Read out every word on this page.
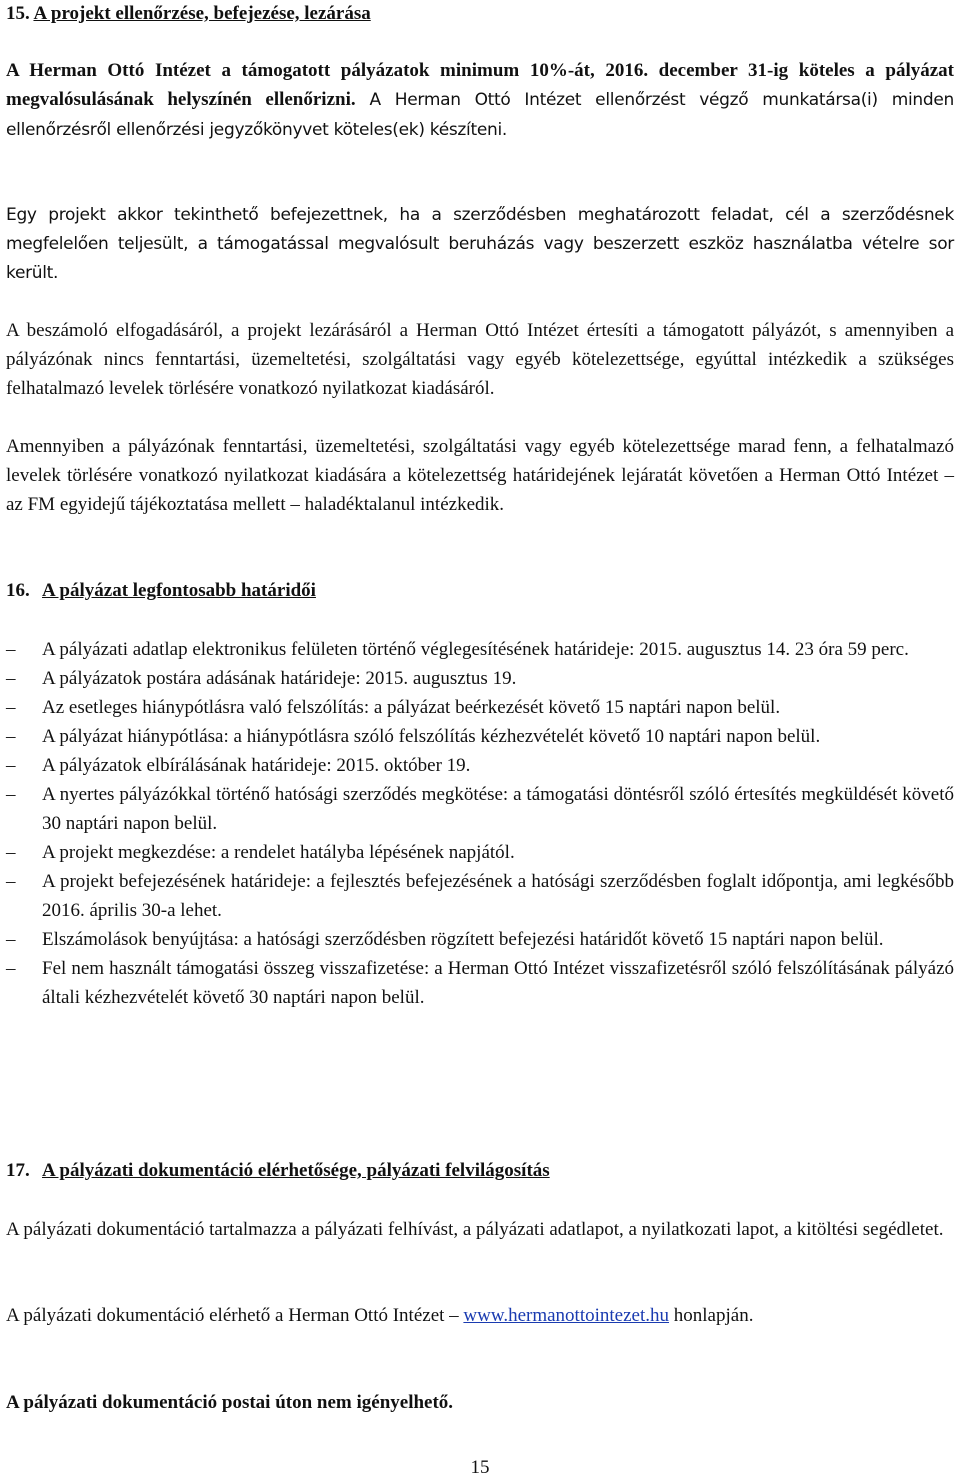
15. A projekt ellenőrzése, befejezése, lezárása

A Herman Ottó Intézet a támogatott pályázatok minimum 10%-át, 2016. december 31-ig köteles a pályázat megvalósulásának helyszínén ellenőrizni. A Herman Ottó Intézet ellenőrzést végző munkatársa(i) minden ellenőrzésről ellenőrzési jegyzőkönyvet köteles(ek) készíteni.

Egy projekt akkor tekinthető befejezettnek, ha a szerződésben meghatározott feladat, cél a szerződésnek megfelelően teljesült, a támogatással megvalósult beruházás vagy beszerzett eszköz használatba vételre sor került.

A beszámoló elfogadásáról, a projekt lezárásáról a Herman Ottó Intézet értesíti a támogatott pályázót, s amennyiben a pályázónak nincs fenntartási, üzemeltetési, szolgáltatási vagy egyéb kötelezettsége, egyúttal intézkedik a szükséges felhatalmazó levelek törlésére vonatkozó nyilatkozat kiadásáról.

Amennyiben a pályázónak fenntartási, üzemeltetési, szolgáltatási vagy egyéb kötelezettsége marad fenn, a felhatalmazó levelek törlésére vonatkozó nyilatkozat kiadására a kötelezettség határidejének lejáratát követően a Herman Ottó Intézet – az FM egyidejű tájékoztatása mellett – haladéktalanul intézkedik.

16. A pályázat legfontosabb határidői
–	A pályázati adatlap elektronikus felületen történő véglegesítésének határideje: 2015. augusztus 14. 23 óra 59 perc.
–	A pályázatok postára adásának határideje: 2015. augusztus 19.
–	Az esetleges hiánypótlásra való felszólítás: a pályázat beérkezését követő 15 naptári napon belül.
–	A pályázat hiánypótlása: a hiánypótlásra szóló felszólítás kézhezvételét követő 10 naptári napon belül.
–	A pályázatok elbírálásának határideje: 2015. október 19.
–	A nyertes pályázókkal történő hatósági szerződés megkötése: a támogatási döntésről szóló értesítés megküldését követő 30 naptári napon belül.
–	A projekt megkezdése: a rendelet hatályba lépésének napjától.
–	A projekt befejezésének határideje: a fejlesztés befejezésének a hatósági szerződésben foglalt időpontja, ami legkésőbb 2016. április 30-a lehet.
–	Elszámolások benyújtása: a hatósági szerződésben rögzített befejezési határidőt követő 15 naptári napon belül.
–	Fel nem használt támogatási összeg visszafizetése: a Herman Ottó Intézet visszafizetésről szóló felszólításának pályázó általi kézhezvételét követő 30 naptári napon belül.
17. A pályázati dokumentáció elérhetősége, pályázati felvilágosítás

A pályázati dokumentáció tartalmazza a pályázati felhívást, a pályázati adatlapot, a nyilatkozati lapot, a kitöltési segédletet.

A pályázati dokumentáció elérhető a Herman Ottó Intézet – www.hermanottointezet.hu honlapján.

A pályázati dokumentáció postai úton nem igényelhető.

15
